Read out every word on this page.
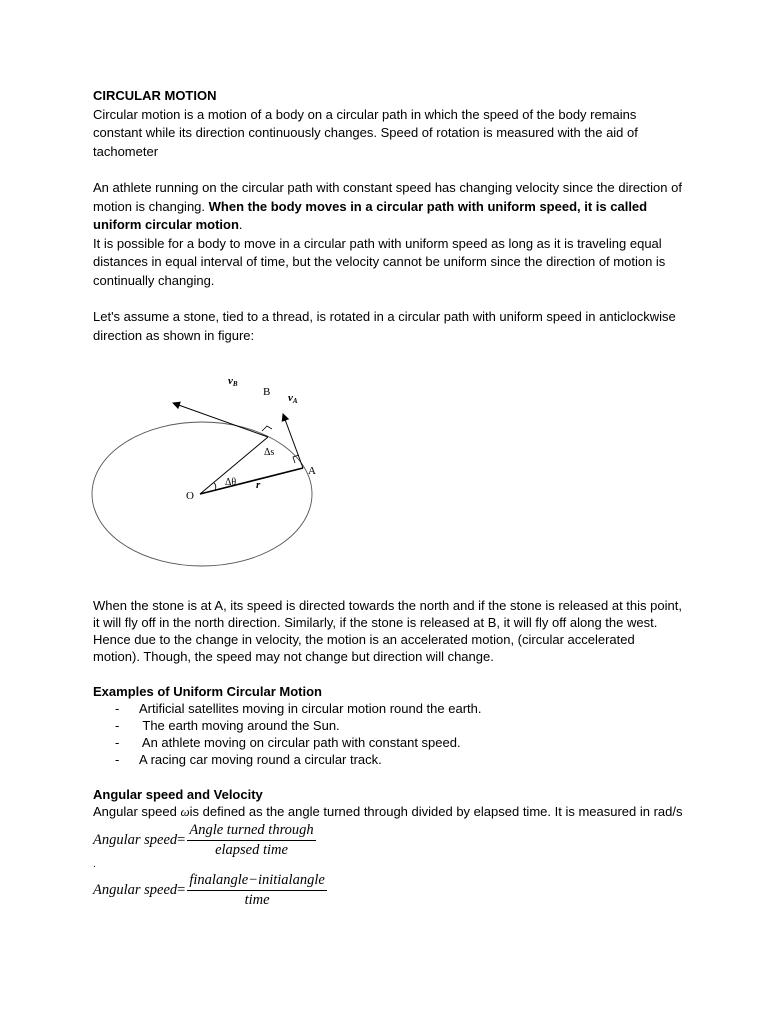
CIRCULAR MOTION

Circular motion is a motion of a body on a circular path in which the speed of the body remains constant while its direction continuously changes. Speed of rotation is measured with the aid of tachometer

An athlete running on the circular path with constant speed has changing velocity since the direction of motion is changing. When the body moves in a circular path with uniform speed, it is called uniform circular motion.

It is possible for a body to move in a circular path with uniform speed as long as it is traveling equal distances in equal interval of time, but the velocity cannot be uniform since the direction of motion is continually changing.

Let's assume a stone, tied to a thread, is rotated in a circular path with uniform speed in anticlockwise direction as shown in figure:

vB
vA
B
A
O
Δs
Δθ r

When the stone is at A, its speed is directed towards the north and if the stone is released at this point, it will fly off in the north direction. Similarly, if the stone is released at B, it will fly off along the west. Hence due to the change in velocity, the motion is an accelerated motion, (circular accelerated motion). Though, the speed may not change but direction will change.

Examples of Uniform Circular Motion

- Artificial satellites moving in circular motion round the earth.
- The earth moving around the Sun.
- An athlete moving on circular path with constant speed.
- A racing car moving round a circular track.

Angular speed and Velocity

Angular speed ωis defined as the angle turned through divided by elapsed time. It is measured in rad/s

Angular speed = $\frac{\text{Angle turned through}}{\text{elapsed time}}$
.
Angular speed = $\frac{\text{finalangle−initialangle}}{\text{time}}$
